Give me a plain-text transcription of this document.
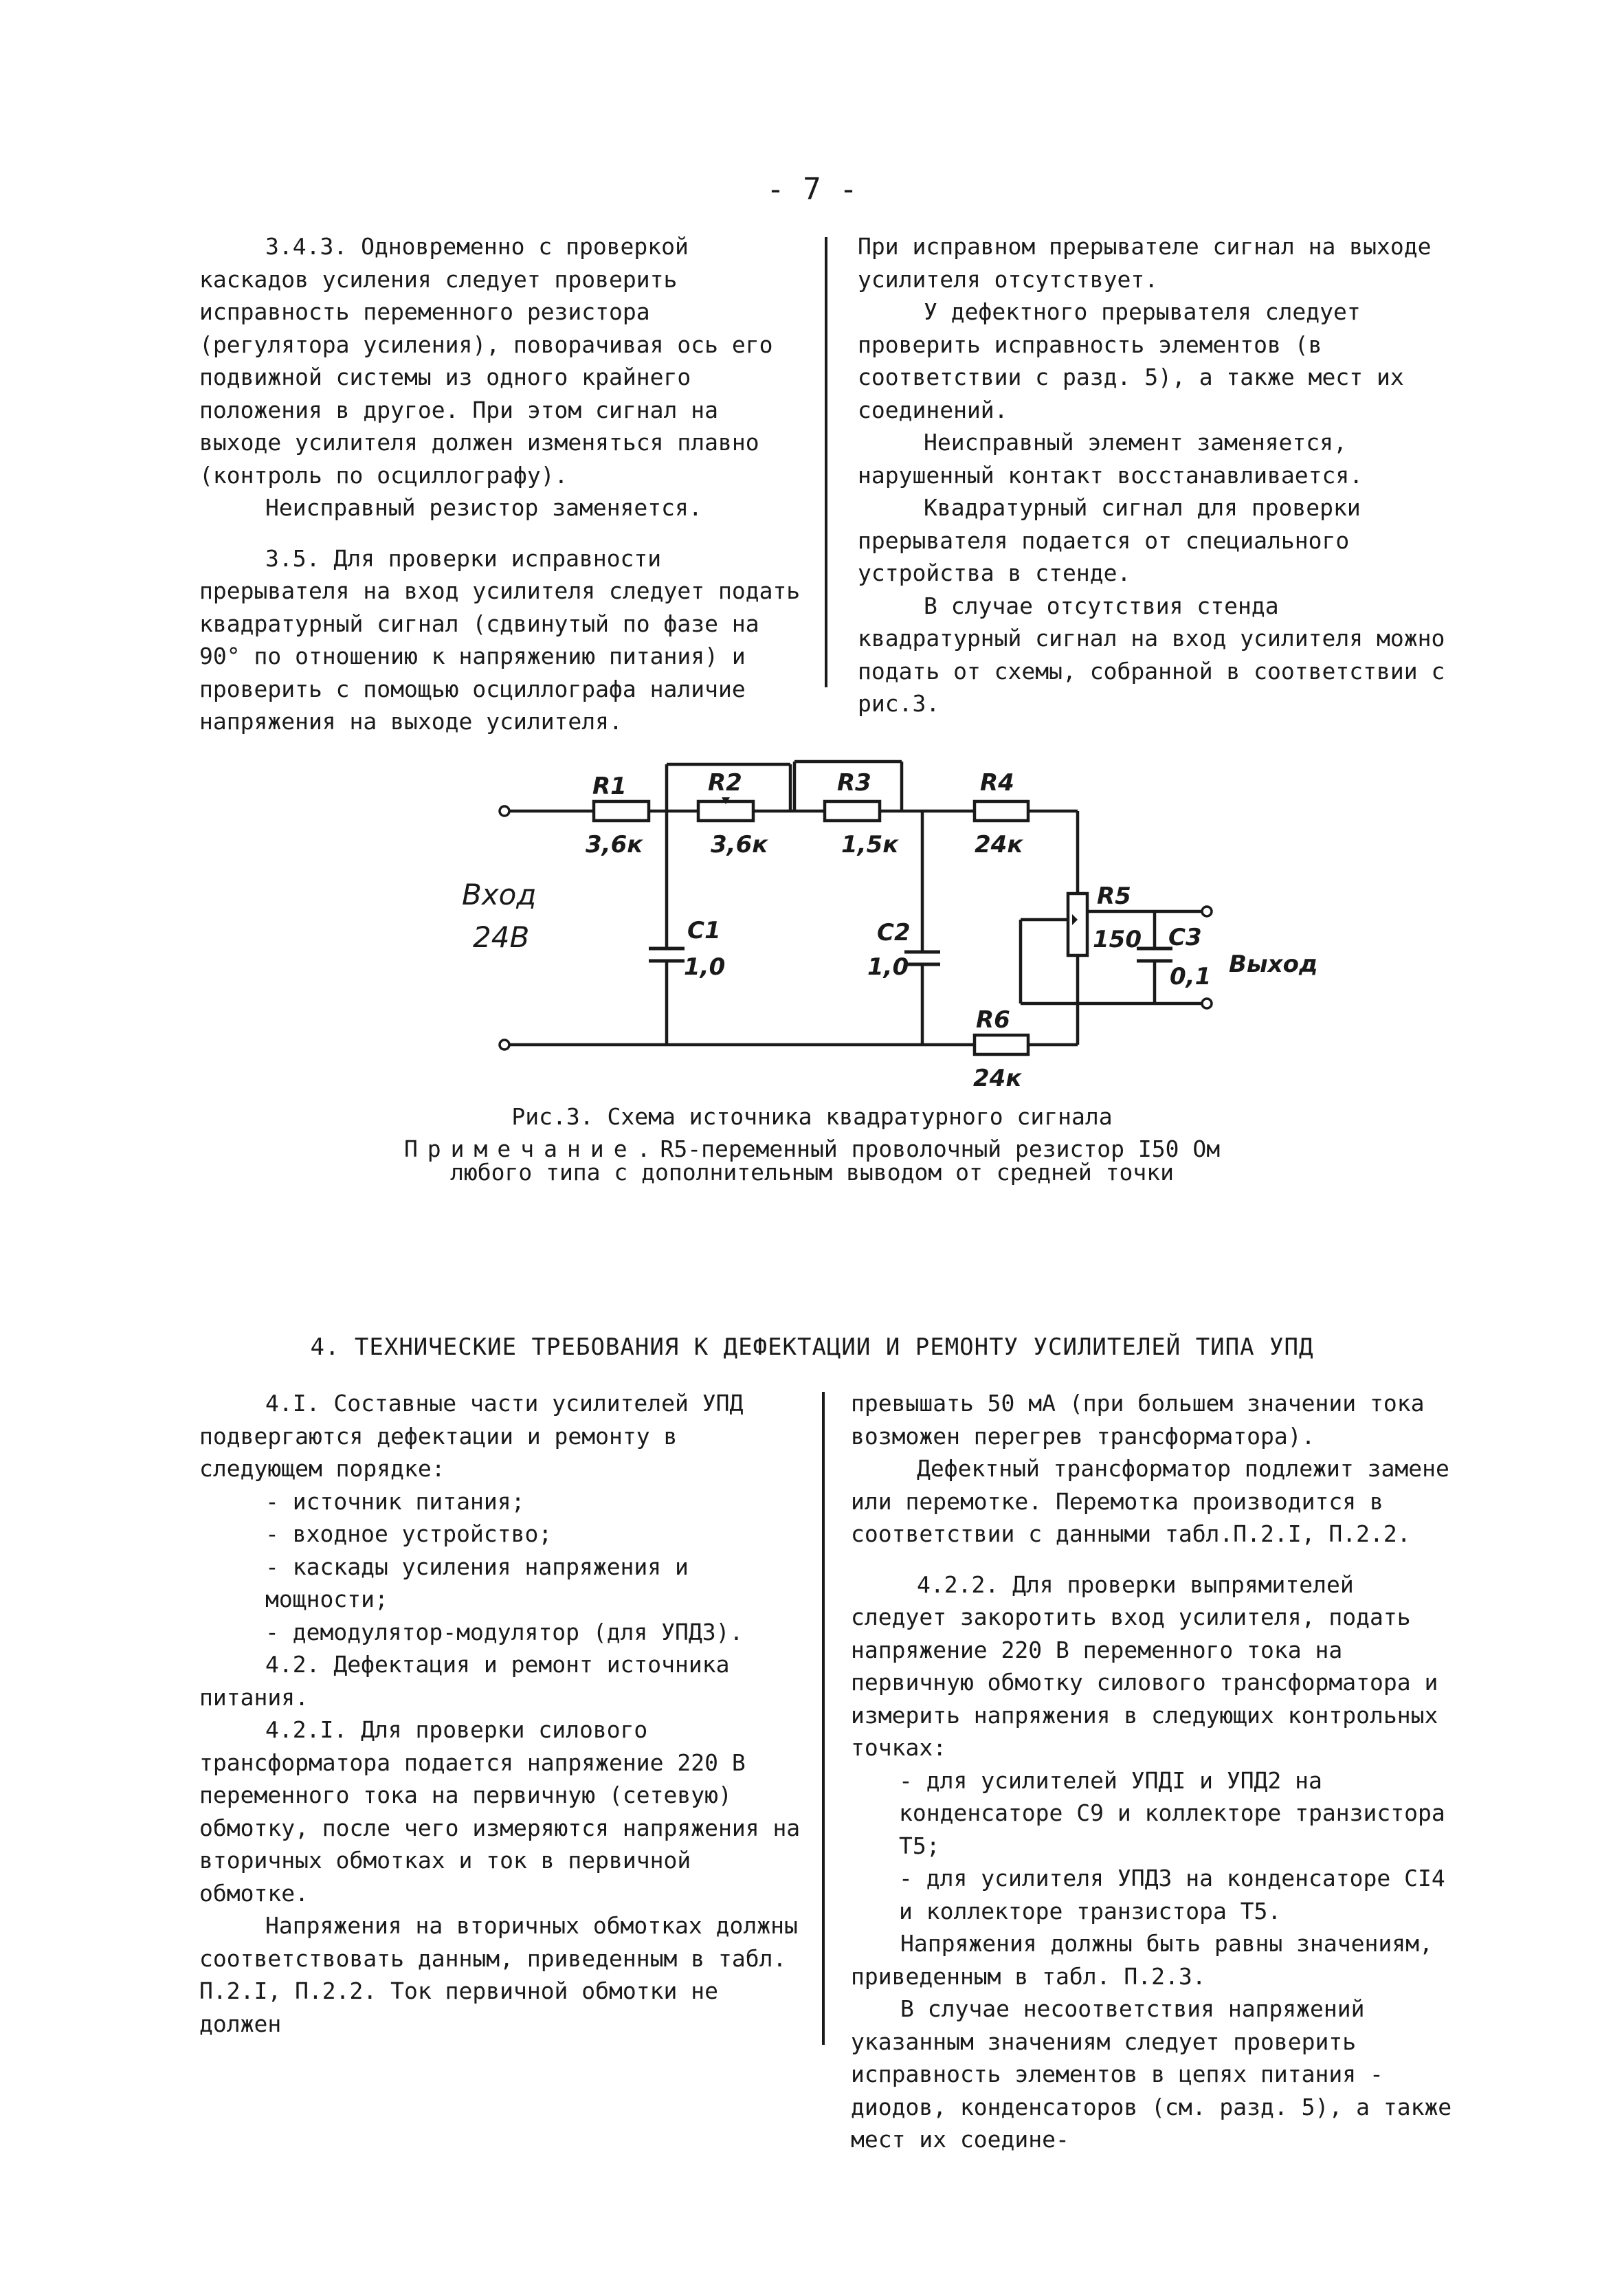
- 7 -

3.4.3. Одновременно с проверкой каскадов усиления следует проверить исправность переменного резистора (регулятора усиления), поворачивая ось его подвижной системы из одного крайнего положения в другое. При этом сигнал на выходе усилителя должен изменяться плавно (контроль по осциллографу).

Неисправный резистор заменяется.

3.5. Для проверки исправности прерывателя на вход усилителя следует подать квадратурный сигнал (сдвинутый по фазе на 90° по отношению к напряжению питания) и проверить с помощью осциллографа наличие напряжения на выходе усилителя.

При исправном прерывателе сигнал на выходе усилителя отсутствует.

У дефектного прерывателя следует проверить исправность элементов (в соответствии с разд. 5), а также мест их соединений.

Неисправный элемент заменяется, нарушенный контакт восстанавливается.

Квадратурный сигнал для проверки прерывателя подается от специального устройства в стенде.

В случае отсутствия стенда квадратурный сигнал на вход усилителя можно подать от схемы, собранной в соответствии с рис.3.

R1
3,6к
R2
3,6к
R3
1,5к
R4
24к
R5
150
R6
24к
C1
1,0
C2
1,0
C3
0,1 Выход
Вход
24В
Рис.3. Схема источника квадратурного сигнала
Примечание.R5-переменный проволочный резистор I50 Ом
любого типа с дополнительным выводом от средней точки
4. ТЕХНИЧЕСКИЕ ТРЕБОВАНИЯ К ДЕФЕКТАЦИИ И РЕМОНТУ УСИЛИТЕЛЕЙ ТИПА УПД

4.I. Составные части усилителей УПД подвергаются дефектации и ремонту в следующем порядке:

- источник питания;

- входное устройство;

- каскады усиления напряжения и мощности;

- демодулятор-модулятор (для УПД3).

4.2. Дефектация и ремонт источника питания.

4.2.I. Для проверки силового трансформатора подается напряжение 220 В переменного тока на первичную (сетевую) обмотку, после чего измеряются напряжения на вторичных обмотках и ток в первичной обмотке.

Напряжения на вторичных обмотках должны соответствовать данным, приведенным в табл. П.2.I, П.2.2. Ток первичной обмотки не должен

превышать 50 мА (при большем значении тока возможен перегрев трансформатора).

Дефектный трансформатор подлежит замене или перемотке. Перемотка производится в соответствии с данными табл.П.2.I, П.2.2.

4.2.2. Для проверки выпрямителей следует закоротить вход усилителя, подать напряжение 220 В переменного тока на первичную обмотку силового трансформатора и измерить напряжения в следующих контрольных точках:

- для усилителей УПДI и УПД2 на конденсаторе С9 и коллекторе транзистора Т5;

- для усилителя УПД3 на конденсаторе СI4 и коллекторе транзистора Т5.

Напряжения должны быть равны значениям, приведенным в табл. П.2.3.

В случае несоответствия напряжений указанным значениям следует проверить исправность элементов в цепях питания - диодов, конденсаторов (см. разд. 5), а также мест их соедине-
